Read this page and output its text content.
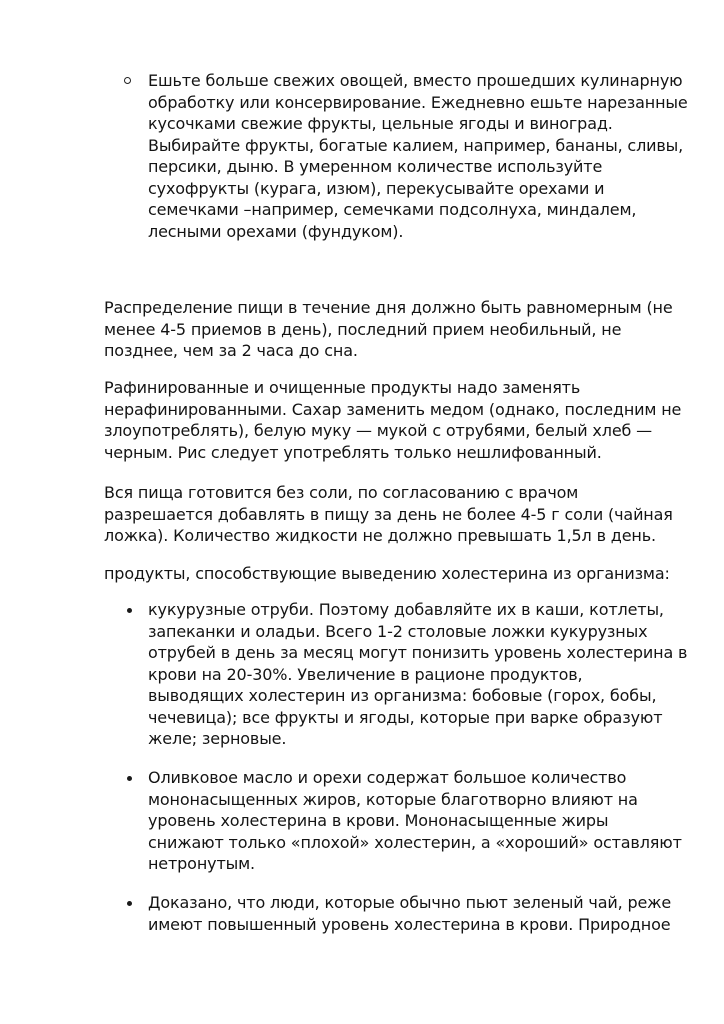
Ешьте больше свежих овощей, вместо прошедших кулинарную
обработку или консервирование. Ежедневно ешьте нарезанные
кусочками свежие фрукты, цельные ягоды и виноград.
Выбирайте фрукты, богатые калием, например, бананы, сливы,
персики, дыню. В умеренном количестве используйте
сухофрукты (курага, изюм), перекусывайте орехами и
семечками –например, семечками подсолнуха, миндалем,
лесными орехами (фундуком).
Распределение пищи в течение дня должно быть равномерным (не
менее 4-5 приемов в день), последний прием необильный, не
позднее, чем за 2 часа до сна.
Рафинированные и очищенные продукты надо заменять
нерафинированными. Сахар заменить медом (однако, последним не
злоупотреблять), белую муку — мукой с отрубями, белый хлеб —
черным. Рис следует употреблять только нешлифованный.
Вся пища готовится без соли, по согласованию с врачом
разрешается добавлять в пищу за день не более 4-5 г соли (чайная
ложка). Количество жидкости не должно превышать 1,5л в день.
продукты, способствующие выведению холестерина из организма:
кукурузные отруби. Поэтому добавляйте их в каши, котлеты,
запеканки и оладьи. Всего 1-2 столовые ложки кукурузных
отрубей в день за месяц могут понизить уровень холестерина в
крови на 20-30%. Увеличение в рационе продуктов,
выводящих холестерин из организма: бобовые (горох, бобы,
чечевица); все фрукты и ягоды, которые при варке образуют
желе; зерновые.
Оливковое масло и орехи содержат большое количество
мононасыщенных жиров, которые благотворно влияют на
уровень холестерина в крови. Мононасыщенные жиры
снижают только «плохой» холестерин, а «хороший» оставляют
нетронутым.
Доказано, что люди, которые обычно пьют зеленый чай, реже
имеют повышенный уровень холестерина в крови. Природное
